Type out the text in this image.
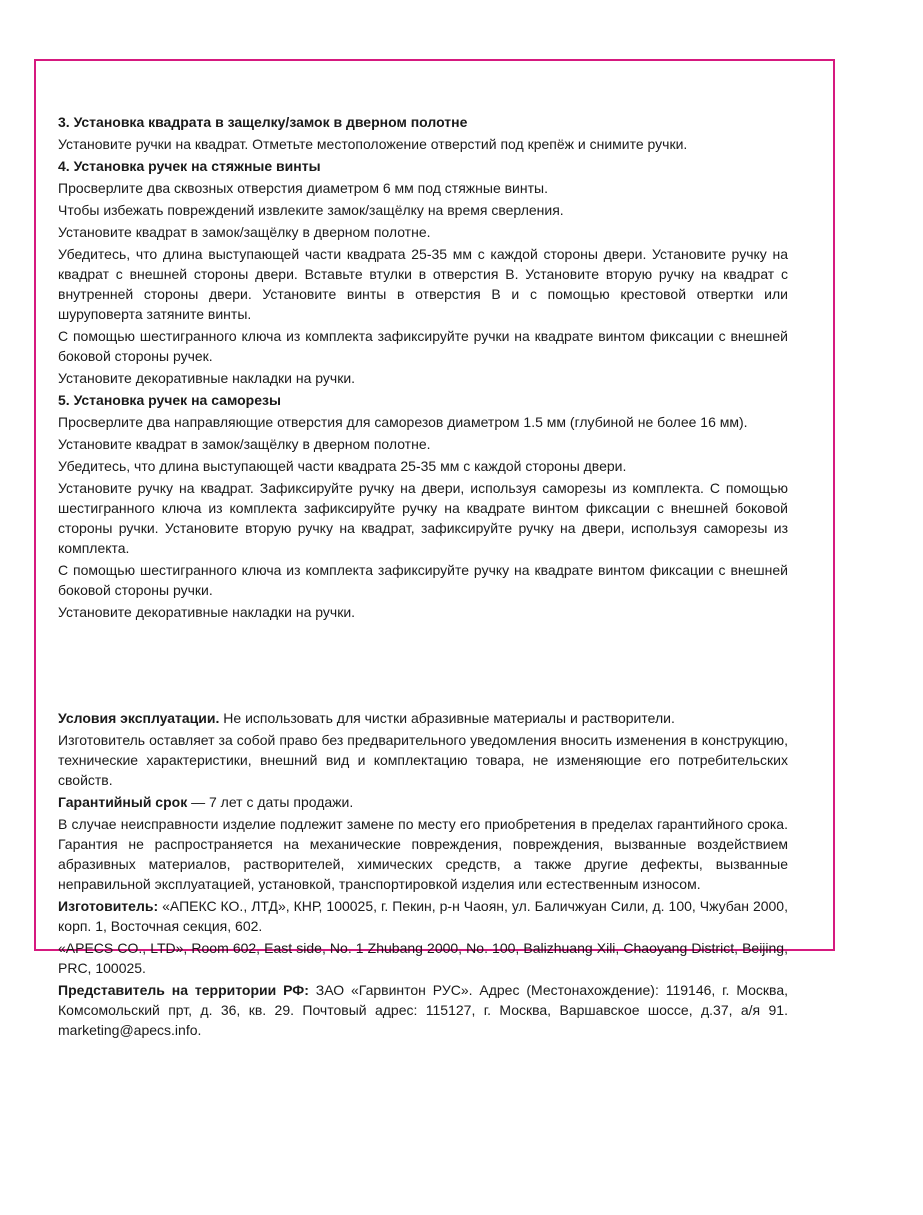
3. Установка квадрата в защелку/замок в дверном полотне

Установите ручки на квадрат. Отметьте местоположение отверстий под крепёж и снимите ручки.

4. Установка ручек на стяжные винты

Просверлите два сквозных отверстия диаметром 6 мм под стяжные винты.

Чтобы избежать повреждений извлеките замок/защёлку на время сверления.

Установите квадрат в замок/защёлку в дверном полотне.

Убедитесь, что длина выступающей части квадрата 25-35 мм с каждой стороны двери. Установите ручку на квадрат с внешней стороны двери. Вставьте втулки в отверстия В. Установите вторую ручку на квадрат с внутренней стороны двери. Установите винты в отверстия В и с помощью крестовой отвертки или шуруповерта затяните винты.

С помощью шестигранного ключа из комплекта зафиксируйте ручки на квадрате винтом фиксации с внешней боковой стороны ручек.

Установите декоративные накладки на ручки.

5. Установка ручек на саморезы

Просверлите два направляющие отверстия для саморезов диаметром 1.5 мм (глубиной не более 16 мм).

Установите квадрат в замок/защёлку в дверном полотне.

Убедитесь, что длина выступающей части квадрата 25-35 мм с каждой стороны двери.

Установите ручку на квадрат. Зафиксируйте ручку на двери, используя саморезы из комплекта. С помощью шестигранного ключа из комплекта зафиксируйте ручку на квадрате винтом фиксации с внешней боковой стороны ручки. Установите вторую ручку на квадрат, зафиксируйте ручку на двери, используя саморезы из комплекта.

С помощью шестигранного ключа из комплекта зафиксируйте ручку на квадрате винтом фиксации с внешней боковой стороны ручки.

Установите декоративные накладки на ручки.

Условия эксплуатации. Не использовать для чистки абразивные материалы и растворители.

Изготовитель оставляет за собой право без предварительного уведомления вносить изменения в конструкцию, технические характеристики, внешний вид и комплектацию товара, не изменяющие его потребительских свойств.

Гарантийный срок — 7 лет с даты продажи.

В случае неисправности изделие подлежит замене по месту его приобретения в пределах гарантийного срока. Гарантия не распространяется на механические повреждения, повреждения, вызванные воздействием абразивных материалов, растворителей, химических средств, а также другие дефекты, вызванные неправильной эксплуатацией, установкой, транспортировкой изделия или естественным износом.

Изготовитель: «АПЕКС КО., ЛТД», КНР, 100025, г. Пекин, р-н Чаоян, ул. Баличжуан Сили, д. 100, Чжубан 2000, корп. 1, Восточная секция, 602.

«APECS CO., LTD», Room 602, East side, No. 1 Zhubang 2000, No. 100, Balizhuang Xili, Chaoyang District, Beijing, PRC, 100025.

Представитель на территории РФ: ЗАО «Гарвинтон РУС». Адрес (Местонахождение): 119146, г. Москва, Комсомольский прт, д. 36, кв. 29. Почтовый адрес: 115127, г. Москва, Варшавское шоссе, д.37, а/я 91. marketing@apecs.info.
